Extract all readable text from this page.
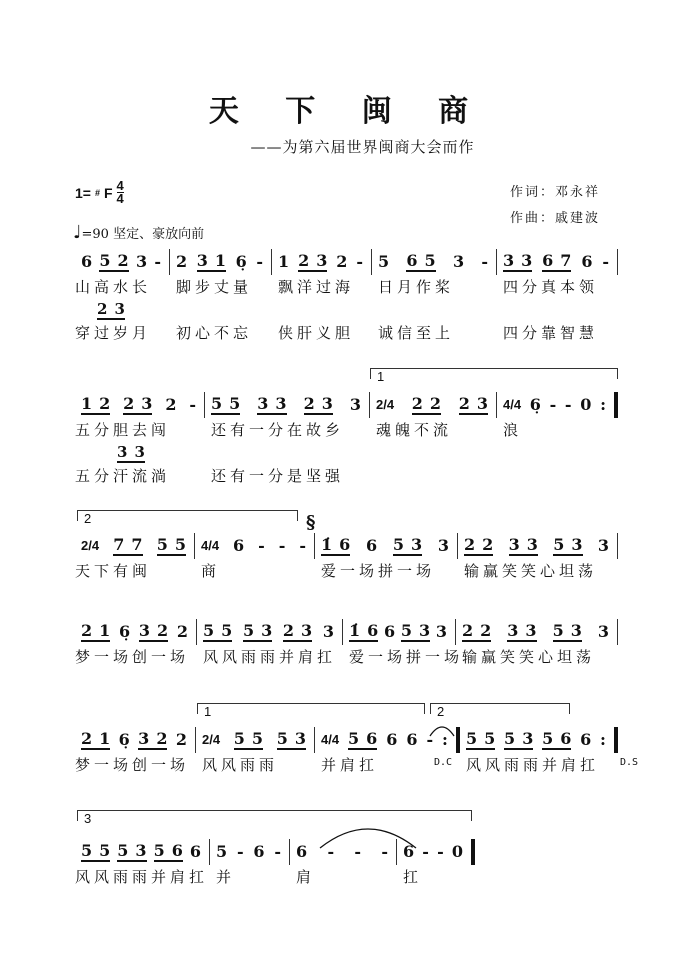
天 下 闽 商
——为第六届世界闽商大会而作
1= # F $\frac{4}{4}$
♩=90 坚定、豪放向前
作词：邓永祥
作曲：戚建波
§
6 5 2 3 -
山高水长
2 3
穿过岁月
2 3 1 6̣ -
脚步丈量
初心不忘
1 2 3 2 -
飘洋过海
侠肝义胆
5 6 5 3 -
日月作桨
诚信至上
3 3 6 7 6 -
四分真本领
四分靠智慧
1 2 2 3 2 -
五分胆去闯
3 3
五分汗流淌
5 5 3 3 2 3 3
还有一分在故乡
还有一分是坚强
2/4 2 2 2 3
魂魄不流
4/4 6̣ - - 0 :
浪
1
2/4 7 7 5 5
天下有闽
4/4 6 - - -
商
1̇ 6 6 5 3 3
爱一场拼一场
2 2 3 3 5 3 3
输赢笑笑心坦荡
2
2 1 6̣ 3 2 2
梦一场创一场
5 5 5 3 2 3 3
风风雨雨并肩扛
1̇ 6 6 5 3 3
爱一场拼一场
2 2 3 3 5 3 3
输赢笑笑心坦荡
2 1 6̣ 3 2 2
梦一场创一场
2/4 5 5 5 3
风风雨雨
4/4 5 6 6 6 - :
并肩扛	D.C
5 5 5 3 5 6 6 :
风风雨雨并肩扛	D.S
1	2
5 5 5 3 5 6 6
风风雨雨并肩扛
5 - 6 -
并
6 - - -
肩
6 - - 0
扛
3
